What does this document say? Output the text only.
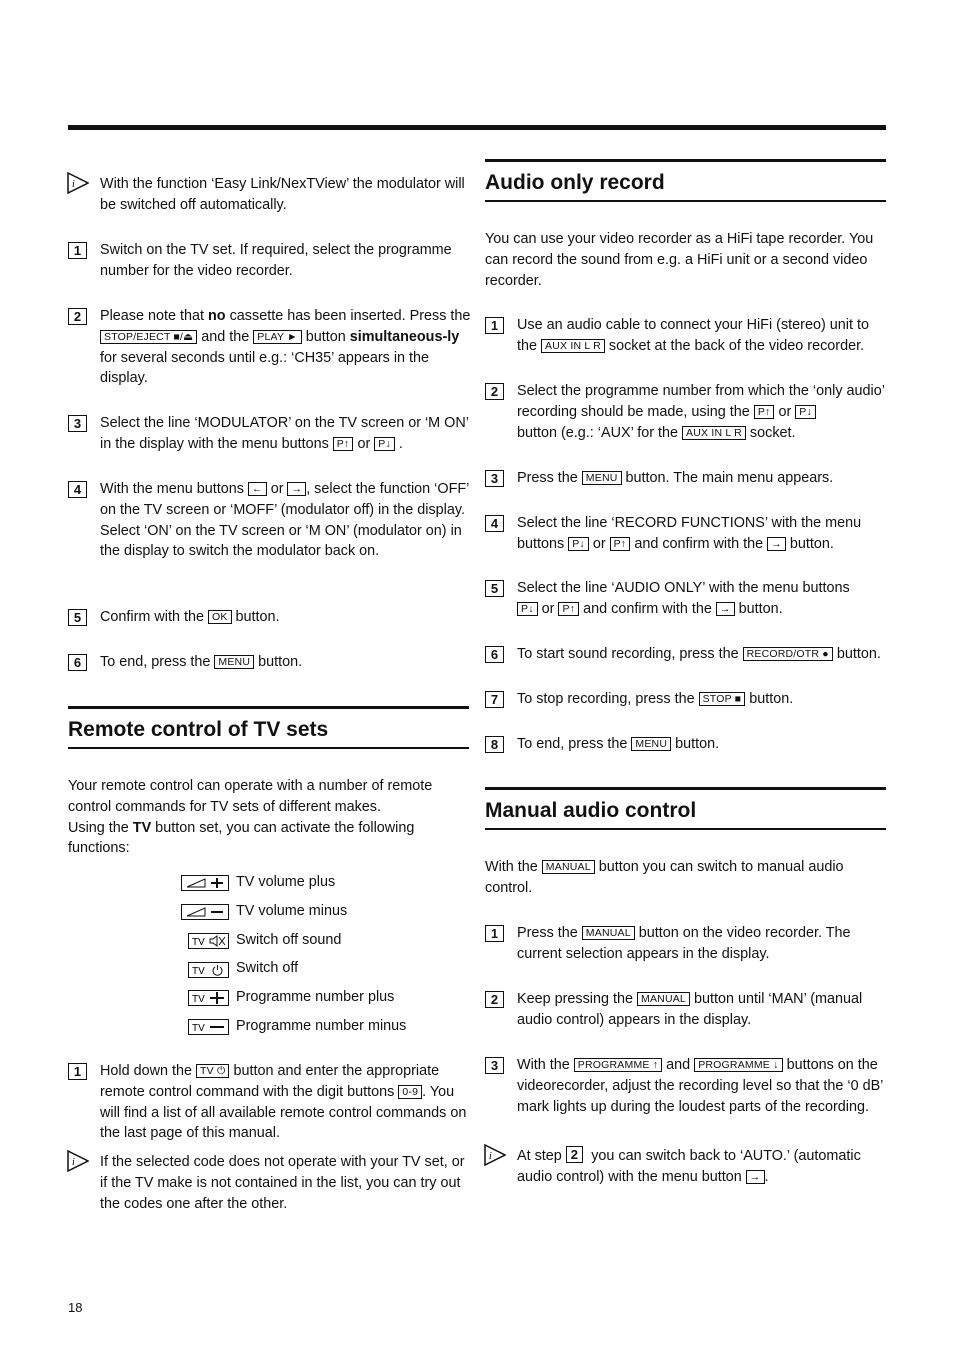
i With the function ‘Easy Link/NexTView’ the modulator will be switched off automatically.
1	Switch on the TV set. If required, select the programme number for the video recorder.
2	Please note that no cassette has been inserted. Press the
STOP/EJECT ■/⏏ and the PLAY ► button simultaneous-ly for several seconds until e.g.: ‘CH35’ appears in the display.
3	Select the line ‘MODULATOR’ on the TV screen or ‘M ON’ in the display with the menu buttons P↑ or P↓ .
4	With the menu buttons ← or → , select the function ‘OFF’ on the TV screen or ‘MOFF’ (modulator off) in the display. Select ‘ON’ on the TV screen or ‘M ON’ (modulator on) in the display to switch the modulator back on.
5	Confirm with the OK button.
6	To end, press the MENU button.
Remote control of TV sets
Your remote control can operate with a number of remote control commands for TV sets of different makes.
Using the TV button set, you can activate the following functions:
TV volume plus
TV volume minus
TV Switch off sound
TV Switch off
TV Programme number plus
TV Programme number minus
1	Hold down the TV ⏻ button and enter the appropriate remote control command with the digit buttons 0-9 . You will find a list of all available remote control commands on the last page of this manual.
i If the selected code does not operate with your TV set, or if the TV make is not contained in the list, you can try out the codes one after the other.
Audio only record
You can use your video recorder as a HiFi tape recorder. You can record the sound from e.g. a HiFi unit or a second video recorder.
1	Use an audio cable to connect your HiFi (stereo) unit to the AUX IN L R socket at the back of the video recorder.
2	Select the programme number from which the ‘only audio’ recording should be made, using the P↑ or P↓
button (e.g.: ‘AUX’ for the AUX IN L R socket.
3	Press the MENU button. The main menu appears.
4	Select the line ‘RECORD FUNCTIONS’ with the menu buttons P↓ or P↑ and confirm with the → button.
5	Select the line ‘AUDIO ONLY’ with the menu buttons
P↓ or P↑ and confirm with the → button.
6	To start sound recording, press the RECORD/OTR ● button.
7	To stop recording, press the STOP ■ button.
8	To end, press the MENU button.
Manual audio control
With the MANUAL button you can switch to manual audio control.
1	Press the MANUAL button on the video recorder. The current selection appears in the display.
2	Keep pressing the MANUAL button until ‘MAN’ (manual audio control) appears in the display.
3	With the PROGRAMME ↑ and PROGRAMME ↓ buttons on the videorecorder, adjust the recording level so that the ‘0 dB’ mark lights up during the loudest parts of the recording.
i At step 2 you can switch back to ‘AUTO.’ (automatic audio control) with the menu button → .
18
